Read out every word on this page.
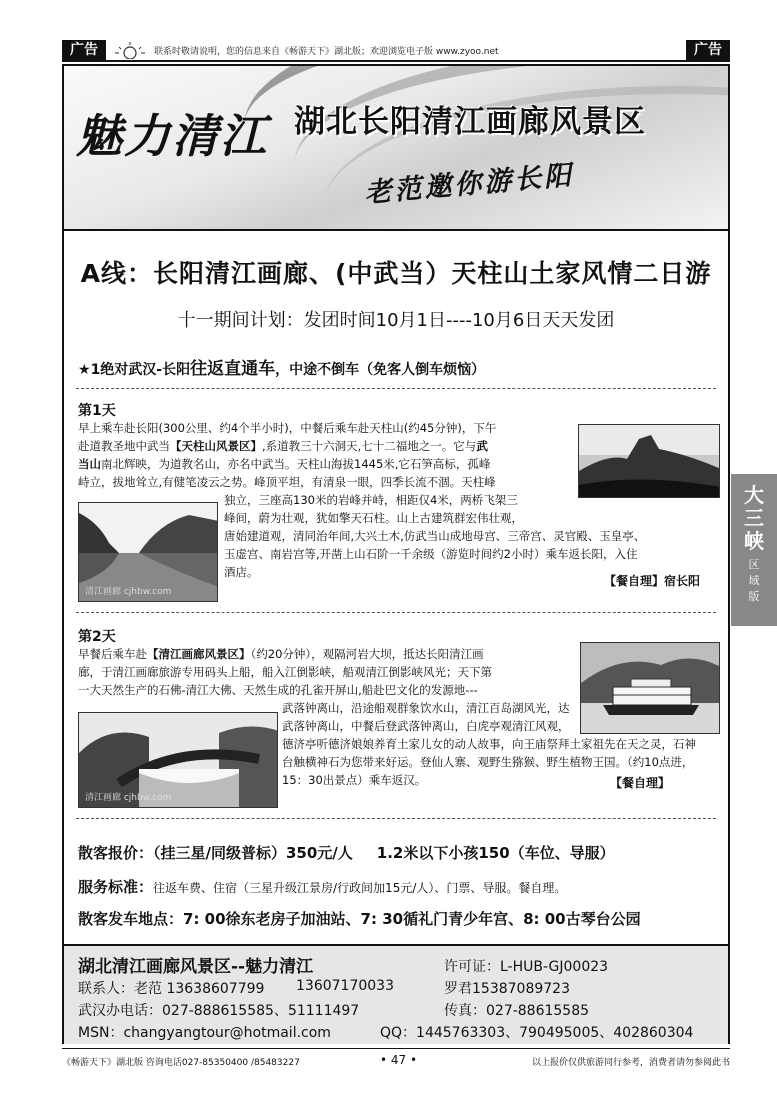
广告	联系时敬请说明，您的信息来自《畅游天下》湖北版；欢迎浏览电子版 www.zyoo.net	广告
魅力清江 湖北长阳清江画廊风景区
老范邀你游长阳
A线：长阳清江画廊、(中武当）天柱山土家风情二日游
十一期间计划：发团时间10月1日----10月6日天天发团
★1绝对武汉-长阳往返直通车，中途不倒车（免客人倒车烦恼）
第1天
早上乘车赴长阳(300公里、约4个半小时)，中餐后乘车赴天柱山(约45分钟)，下午
赴道教圣地中武当【天柱山风景区】,系道教三十六洞天,七十二福地之一。它与武
当山南北辉映，为道教名山，亦名中武当。天柱山海拔1445米,它石笋高标，孤峰
峙立，拔地耸立,有健笔凌云之势。峰顶平坦，有清泉一眼，四季长流不涸。天柱峰
独立，三座高130米的岩峰并峙，相距仅4米，两桥飞架三
峰间，蔚为壮观，犹如擎天石柱。山上古建筑群宏伟壮观，
唐始建道观，清同治年间,大兴土木,仿武当山成地母宫、三帝宫、灵官殿、玉皇亭、
玉虚宫、南岩宫等,开凿上山石阶一千余级（游览时间约2小时）乘车返长阳，入住
酒店。
【餐自理】宿长阳
清江画廊 cjhbw.com
第2天
早餐后乘车赴【清江画廊风景区】（约20分钟），观隔河岩大坝，抵达长阳清江画
廊，于清江画廊旅游专用码头上船，船入江倒影峡，船观清江倒影峡风光；天下第
一大天然生产的石佛-清江大佛、天然生成的孔雀开屏山,船赴巴文化的发源地---
武落钟离山，沿途船观群象饮水山，清江百岛湖风光，达
武落钟离山，中餐后登武落钟离山，白虎亭观清江风观，
德济亭听德济娘娘养育土家儿女的动人故事，向王庙祭拜土家祖先在天之灵，石神
台触横神石为您带来好运。登仙人寨、观野生猕猴、野生植物王国。（约10点进，
15：30出景点）乘车返汉。	【餐自理】
清江画廊 cjhbw.com
散客报价：（挂三星/同级普标）350元/人 1.2米以下小孩150（车位、导服）
服务标准：往返车费、住宿（三星升级江景房/行政间加15元/人）、门票、导服。餐自理。
散客发车地点：7: 00徐东老房子加油站、7: 30循礼门青少年宫、8: 00古琴台公园
湖北清江画廊风景区--魅力清江	许可证：L-HUB-GJ00023
联系人：老范 13638607799 13607170033	罗君15387089723
武汉办电话：027-888615585、51111497	传真：027-88615585
MSN：changyangtour@hotmail.com	QQ：1445763303、790495005、402860304
大三峡
区域版
《畅游天下》湖北版 咨询电话027-85350400 /85483227	• 47 •	以上报价仅供旅游同行参考，消费者请勿参阅此书
